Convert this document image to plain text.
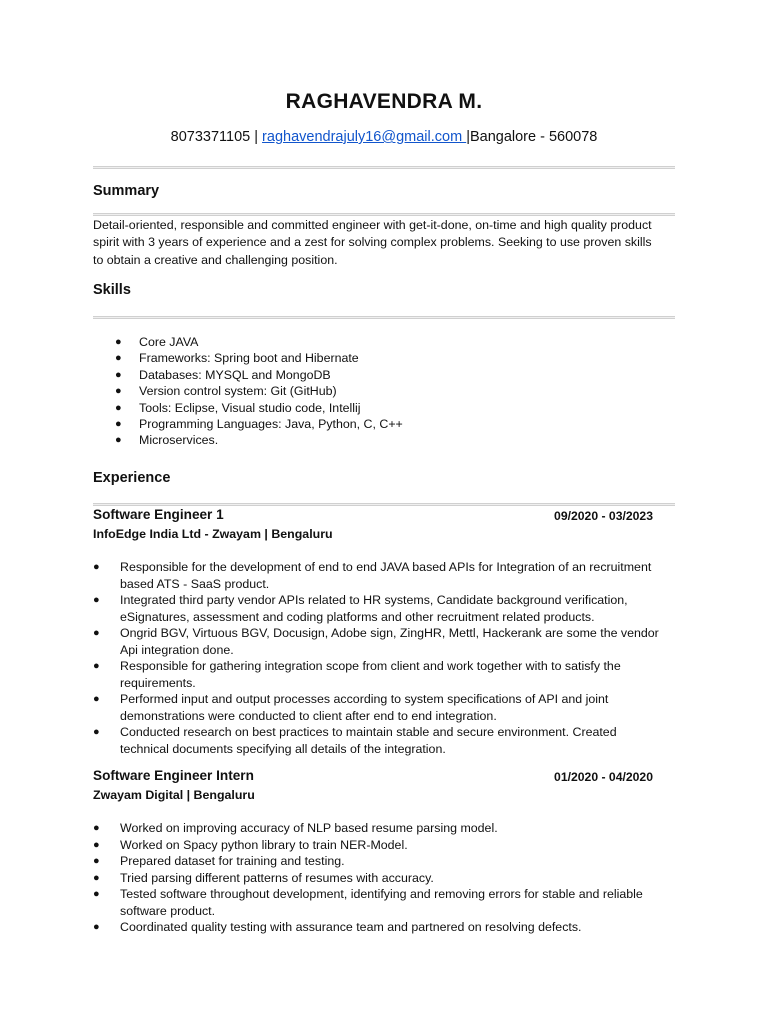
RAGHAVENDRA M.
8073371105 | raghavendrajuly16@gmail.com |Bangalore - 560078
Summary

Detail-oriented, responsible and committed engineer with get-it-done, on-time and high quality product spirit with 3 years of experience and a zest for solving complex problems. Seeking to use proven skills to obtain a creative and challenging position.

Skills
● Core JAVA
● Frameworks: Spring boot and Hibernate
● Databases: MYSQL and MongoDB
● Version control system: Git (GitHub)
● Tools: Eclipse, Visual studio code, Intellij
● Programming Languages: Java, Python, C, C++
● Microservices.
Experience
Software Engineer 1	09/2020 - 03/2023
InfoEdge India Ltd - Zwayam | Bengaluru
● Responsible for the development of end to end JAVA based APIs for Integration of an recruitment based ATS - SaaS product.
● Integrated third party vendor APIs related to HR systems, Candidate background verification, eSignatures, assessment and coding platforms and other recruitment related products.
● Ongrid BGV, Virtuous BGV, Docusign, Adobe sign, ZingHR, Mettl, Hackerank are some the vendor Api integration done.
● Responsible for gathering integration scope from client and work together with to satisfy the requirements.
● Performed input and output processes according to system specifications of API and joint demonstrations were conducted to client after end to end integration.
● Conducted research on best practices to maintain stable and secure environment. Created technical documents specifying all details of the integration.
Software Engineer Intern	01/2020 - 04/2020
Zwayam Digital | Bengaluru
● Worked on improving accuracy of NLP based resume parsing model.
● Worked on Spacy python library to train NER-Model.
● Prepared dataset for training and testing.
● Tried parsing different patterns of resumes with accuracy.
● Tested software throughout development, identifying and removing errors for stable and reliable software product.
● Coordinated quality testing with assurance team and partnered on resolving defects.
